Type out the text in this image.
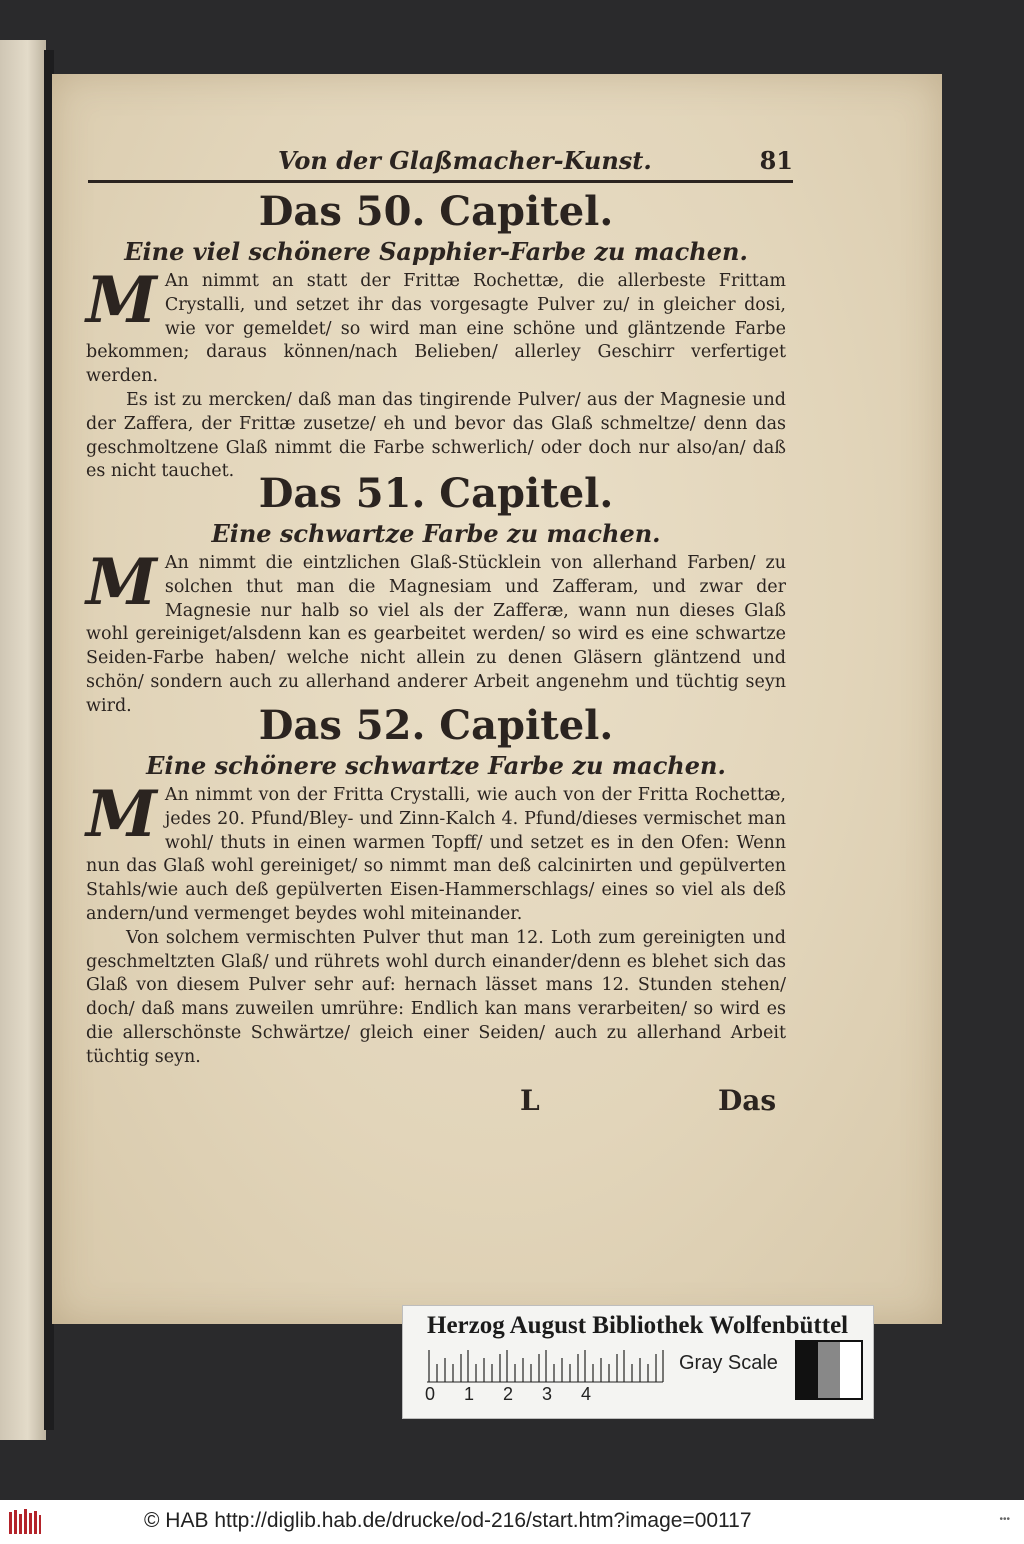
Von der Glaßmacher-Kunst.	81
Das 50. Capitel.
Eine viel schönere Sapphier-Farbe zu machen.
M An nimmt an statt der Frittæ Rochettæ, die allerbeste Frittam Crystalli, und setzet ihr das vorgesagte Pulver zu/ in gleicher dosi, wie vor gemeldet/ so wird man eine schöne und gläntzende Farbe bekommen; daraus können/nach Belieben/ allerley Geschirr verfertiget werden.
Es ist zu mercken/ daß man das tingirende Pulver/ aus der Magnesie und der Zaffera, der Frittæ zusetze/ eh und bevor das Glaß schmeltze/ denn das geschmoltzene Glaß nimmt die Farbe schwerlich/ oder doch nur also/an/ daß es nicht tauchet. Das 51. Capitel.
Eine schwartze Farbe zu machen.
M An nimmt die eintzlichen Glaß-Stücklein von allerhand Farben/ zu solchen thut man die Magnesiam und Zafferam, und zwar der Magnesie nur halb so viel als der Zafferæ, wann nun dieses Glaß wohl gereiniget/alsdenn kan es gearbeitet werden/ so wird es eine schwartze Seiden-Farbe haben/ welche nicht allein zu denen Gläsern gläntzend und schön/ sondern auch zu allerhand anderer Arbeit angenehm und tüchtig seyn wird.	Das 52. Capitel.
Eine schönere schwartze Farbe zu machen.
M An nimmt von der Fritta Crystalli, wie auch von der Fritta Rochettæ, jedes 20. Pfund/Bley- und Zinn-Kalch 4. Pfund/dieses vermischet man wohl/ thuts in einen warmen Topff/ und setzet es in den Ofen: Wenn nun das Glaß wohl gereiniget/ so nimmt man deß calcinirten und gepülverten Stahls/wie auch deß gepülverten Eisen-Hammerschlags/ eines so viel als deß andern/und vermenget beydes wohl miteinander.
Von solchem vermischten Pulver thut man 12. Loth zum gereinigten und geschmeltzten Glaß/ und rührets wohl durch einander/denn es blehet sich das Glaß von diesem Pulver sehr auf: hernach lässet mans 12. Stunden stehen/ doch/ daß mans zuweilen umrühre: Endlich kan mans verarbeiten/ so wird es die allerschönste Schwärtze/ gleich einer Seiden/ auch zu allerhand Arbeit tüchtig seyn.
L	Das
Herzog August Bibliothek Wolfenbüttel
Gray Scale
0 1 2 3 4
© HAB http://diglib.hab.de/drucke/od-216/start.htm?image=00117	•••
